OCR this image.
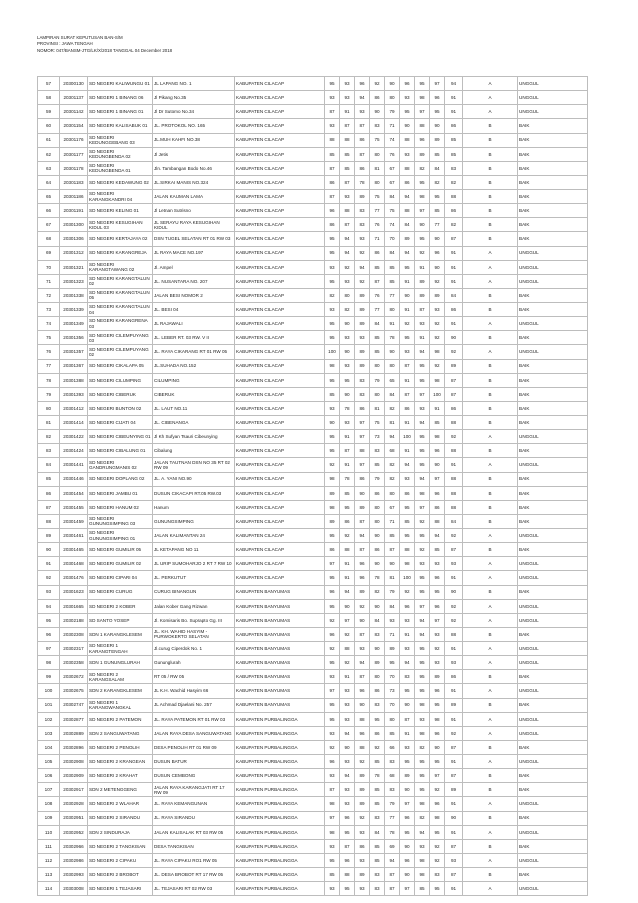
LAMPIRAN SURAT KEPUTUSAN BAN-S/M
PROVINSI : JAWA TENGAH
NOMOR: 047/BANSM-JTG/LK/X/2018 TANGGAL 04 December 2018
57	20300130	SD NEGERI KALIWUNGU 01	JL LAPANG NO. 1	KABUPATEN CILACAP	95	93	96	92	90	96	95	97	94	A	UNGGUL
58	20301137	SD NEGERI 1 BINANG 06	Jl Pikang No.35	KABUPATEN CILACAP	93	93	94	86	80	93	98	96	91	A	UNGGUL
59	20301142	SD NEGERI 1 BINANG 01	Jl Dr Sutomo No.34	KABUPATEN CILACAP	87	91	93	90	79	95	97	95	91	A	UNGGUL
60	20301154	SD NEGERI KALISABUK 01	JL. PROTOKOL NO. 165	KABUPATEN CILACAP	93	87	87	83	71	90	88	90	86	B	BAIK
61	20301176	SD NEGERI KEDUNGGEBANG 03	JL.MUH KAHFI NO.38	KABUPATEN CILACAP	88	88	86	75	74	88	96	89	85	B	BAIK
62	20301177	SD NEGERI KEDUNGBENDA 02	Jl Jetis	KABUPATEN CILACAP	85	85	87	80	76	93	89	85	85	B	BAIK
63	20301178	SD NEGERI KEDUNGBENDA 01	Jln. Tambangan Bodo No.46	KABUPATEN CILACAP	87	85	86	81	67	88	82	84	83	B	BAIK
64	20301183	SD NEGERI KEDAWUNG 02	JL.SIRKAI MANIS NO.324	KABUPATEN CILACAP	86	87	78	80	67	86	95	82	82	B	BAIK
65	20301186	SD NEGERI KARANGKANDRI 04	JALAN KAUMAN LAMA	KABUPATEN CILACAP	87	93	89	75	84	94	98	95	88	B	BAIK
66	20301191	SD NEGERI KELING 01	Jl Letnan Sutrisno	KABUPATEN CILACAP	96	88	83	77	75	88	97	85	86	B	BAIK
67	20301300	SD NEGERI KESUGIHAN KIDUL 03	JL SERAYU RAYA KESUGIHAN KIDUL	KABUPATEN CILACAP	86	87	83	76	74	84	90	77	82	B	BAIK
68	20301306	SD NEGERI KERTAJAYA 02	DSN TUGEL SELATAN RT 01 RW 03	KABUPATEN CILACAP	95	94	93	71	70	89	95	90	87	B	BAIK
69	20301312	SD NEGERI KARANGREJA	JL RAYA MACE NO.197	KABUPATEN CILACAP	95	94	92	86	84	94	92	96	91	A	UNGGUL
70	20301321	SD NEGERI KARANGTAWANG 02	Jl. Ampel	KABUPATEN CILACAP	93	92	94	85	85	95	91	90	91	A	UNGGUL
71	20301323	SD NEGERI KARANGTALUN 02	JL. NUSANTARA NO. 207	KABUPATEN CILACAP	95	93	92	87	85	91	89	92	91	A	UNGGUL
72	20301338	SD NEGERI KARANGTALUN 05	JALAN BESI NOMOR 2	KABUPATEN CILACAP	82	80	89	76	77	90	89	89	84	B	BAIK
73	20301339	SD NEGERI KARANGTALUN 04	JL. BESI 04	KABUPATEN CILACAP	93	82	89	77	80	91	87	93	86	B	BAIK
74	20301349	SD NEGERI KARANGRENA 03	JL RAJAWALI	KABUPATEN CILACAP	95	90	89	84	91	92	93	92	91	A	UNGGUL
75	20301356	SD NEGERI CILEMPUYANG 03	JL. LEBER RT. 03 RW. V II	KABUPATEN CILACAP	95	93	93	85	78	95	91	92	90	B	BAIK
76	20301357	SD NEGERI CILEMPUYANG 02	JL. RAYA CIKARANG RT 01 RW 05	KABUPATEN CILACAP	100	90	89	85	90	93	94	98	92	A	UNGGUL
77	20301367	SD NEGERI CIKALAPA 05	JL.SUHADA NO.152	KABUPATEN CILACAP	98	93	89	80	80	87	95	92	89	B	BAIK
78	20301388	SD NEGERI CILUMPING	CILUMPING	KABUPATEN CILACAP	95	95	83	79	65	91	95	98	87	B	BAIK
79	20301393	SD NEGERI CIBERUK	CIBERUK	KABUPATEN CILACAP	85	90	83	80	84	87	97	100	87	B	BAIK
80	20301412	SD NEGERI BUNTON 02	JL. LAUT NO.11	KABUPATEN CILACAP	93	78	86	81	82	86	93	91	86	B	BAIK
81	20301414	SD NEGERI CIJATI 04	JL. CIBENANGA	KABUPATEN CILACAP	90	93	97	75	81	91	94	85	88	B	BAIK
82	20301422	SD NEGERI CIBEUNYING 01	Jl Kh Sufyan Tsauri Cibeunying	KABUPATEN CILACAP	95	91	97	73	94	100	95	98	92	A	UNGGUL
83	20301424	SD NEGERI CIBALUNG 01	Cibalung	KABUPATEN CILACAP	95	87	88	83	68	91	95	96	88	B	BAIK
84	20301441	SD NEGERI GANDRUNGMANIS 02	JALAN TAUTNAN DSN NO 35 RT 02 RW 09	KABUPATEN CILACAP	92	91	97	85	82	94	95	90	91	A	UNGGUL
85	20301446	SD NEGERI DOPLANG 02	JL. A. YANI NO.90	KABUPATEN CILACAP	98	78	86	79	82	93	94	97	88	B	BAIK
86	20301454	SD NEGERI JAMBU 01	DUSUN CIKACAPI RT.05 RW.03	KABUPATEN CILACAP	89	85	90	86	80	86	98	96	88	B	BAIK
87	20301455	SD NEGERI HANUM 02	Hanum	KABUPATEN CILACAP	98	95	89	80	67	95	97	86	88	B	BAIK
88	20301459	SD NEGERI GUNUNGSIMPING 03	GUNUNGSIMPING	KABUPATEN CILACAP	89	86	87	80	71	85	92	88	84	B	BAIK
89	20301461	SD NEGERI GUNUNGSIMPING 01	JALAN KALIMANTAN 24	KABUPATEN CILACAP	95	92	94	90	85	95	95	94	92	A	UNGGUL
90	20301465	SD NEGERI GUMILIR 05	JL KETAPANG NO 11	KABUPATEN CILACAP	86	88	87	86	87	88	92	85	87	B	BAIK
91	20301468	SD NEGERI GUMILIR 02	JL URIP SUMOHARJO 2 RT 7 RW 10	KABUPATEN CILACAP	97	91	96	90	90	98	93	93	93	A	UNGGUL
92	20301476	SD NEGERI CIPARI 04	JL. PERKUTUT	KABUPATEN CILACAP	95	91	96	78	81	100	95	96	91	A	UNGGUL
93	20301623	SD NEGERI CURUG	CURUG BINANGUN	KABUPATEN BANYUMAS	96	94	89	82	79	92	95	95	90	B	BAIK
94	20301665	SD NEGERI 2 KOBER	Jalan Kober Gang Rizwan	KABUPATEN BANYUMAS	95	90	92	90	84	96	97	96	92	A	UNGGUL
95	20302188	SD SANTO YOSEP	Jl. Komisaris Bo. Suprapto Gg. III	KABUPATEN BANYUMAS	92	97	90	84	93	93	94	97	92	A	UNGGUL
96	20302308	SDN 1 KARANGKLESEM	JL. KH. WAHID HASYIM - PURWOKERTO SELATAN	KABUPATEN BANYUMAS	96	92	87	83	71	91	94	93	88	B	BAIK
97	20302317	SD NEGERI 1 KARANGTENGAH	Jl.curug Ciperdok No. 1	KABUPATEN BANYUMAS	92	88	93	90	89	93	95	92	91	A	UNGGUL
98	20302358	SDN 1 GUNUNGLURAH	Gununglurah	KABUPATEN BANYUMAS	95	92	94	89	95	94	95	93	93	A	UNGGUL
99	20302672	SD NEGERI 2 KARANGSALAM	RT 05 / RW 05	KABUPATEN BANYUMAS	93	91	87	80	70	83	95	89	86	B	BAIK
100	20302675	SDN 2 KARANGKLESEM	JL K.H. Wachid Hasyim 66	KABUPATEN BANYUMAS	97	93	96	86	73	95	95	96	91	A	UNGGUL
101	20302747	SD NEGERI 1 KARANGWANGKAL	JL Achmad Djaelani No. 257	KABUPATEN BANYUMAS	95	93	90	83	70	90	98	95	89	B	BAIK
102	20302877	SD NEGERI 2 PATEMON	JL. RAYA PATEMON RT 01 RW 03	KABUPATEN PURBALINGGA	95	93	88	95	80	87	93	98	91	A	UNGGUL
103	20302889	SDN 2 SANGUWATANG	JALAN RAYA DESA SANGUWATANG	KABUPATEN PURBALINGGA	93	94	96	86	85	91	98	96	92	A	UNGGUL
104	20302896	SD NEGERI 2 PENOLIH	DESA PENOLIH RT 01 RW 09	KABUPATEN PURBALINGGA	92	90	88	92	66	93	82	90	87	B	BAIK
105	20302908	SD NEGERI 2 KRANGEAN	DUSUN BATUR	KABUPATEN PURBALINGGA	96	93	92	85	83	95	95	95	91	A	UNGGUL
106	20302909	SD NEGERI 2 KRAHAT	DUSUN CEMBONG	KABUPATEN PURBALINGGA	93	94	89	78	68	89	95	97	87	B	BAIK
107	20302917	SDN 2 METENGGENG	JALAN RAYA KARANGJATI RT 17 RW 09	KABUPATEN PURBALINGGA	87	93	89	85	83	90	95	92	89	B	BAIK
108	20302928	SD NEGERI 2 WLAHAR	JL. RAYA KEMANGUNAN	KABUPATEN PURBALINGGA	98	93	89	85	79	97	98	96	91	A	UNGGUL
109	20302951	SD NEGERI 2 SIRANDU	JL. RAYA SIRANDU	KABUPATEN PURBALINGGA	97	96	92	83	77	96	82	98	90	B	BAIK
110	20302952	SDN 2 SINDURAJA	JALAN KALISALAK RT 03 RW 05	KABUPATEN PURBALINGGA	98	95	93	84	78	95	94	95	91	A	UNGGUL
111	20302966	SD NEGERI 2 TANGKISAN	DESA TANGKISAN	KABUPATEN PURBALINGGA	93	87	86	85	69	90	93	92	87	B	BAIK
112	20302986	SD NEGERI 2 CIPAKU	JL. RAYA CIPAKU RO1 RW 05	KABUPATEN PURBALINGGA	95	96	93	85	94	96	98	92	93	A	UNGGUL
113	20302993	SD NEGERI 2 BROBOT	JL. DESA BROBOT RT 17 RW 05	KABUPATEN PURBALINGGA	85	88	89	83	87	90	98	83	87	B	BAIK
114	20303008	SD NEGERI 1 TEJASARI	JL. TEJASARI RT 02 RW 03	KABUPATEN PURBALINGGA	93	95	93	83	87	97	85	95	91	A	UNGGUL
